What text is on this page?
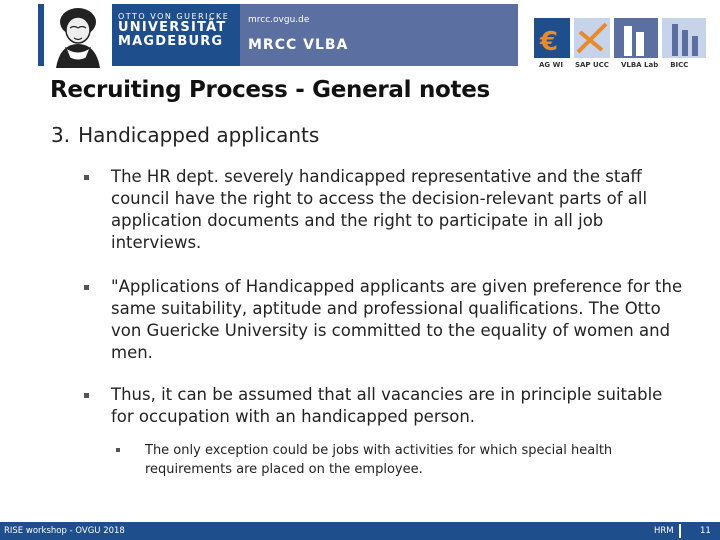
OTTO VON GUERICKE
UNIVERSITÄT
MAGDEBURG
mrcc.ovgu.de
MRCC VLBA	€
AG WI	SAP UCC	VLBA Lab	BICC
Recruiting Process - General notes
3. Handicapped applicants
The HR dept. severely handicapped representative and the staff council have the right to access the decision-relevant parts of all application documents and the right to participate in all job interviews.
"Applications of Handicapped applicants are given preference for the same suitability, aptitude and professional qualifications. The Otto von Guericke University is committed to the equality of women and men.
Thus, it can be assumed that all vacancies are in principle suitable for occupation with an handicapped person.
The only exception could be jobs with activities for which special health requirements are placed on the employee.
RISE workshop - OVGU 2018	HRM	11
